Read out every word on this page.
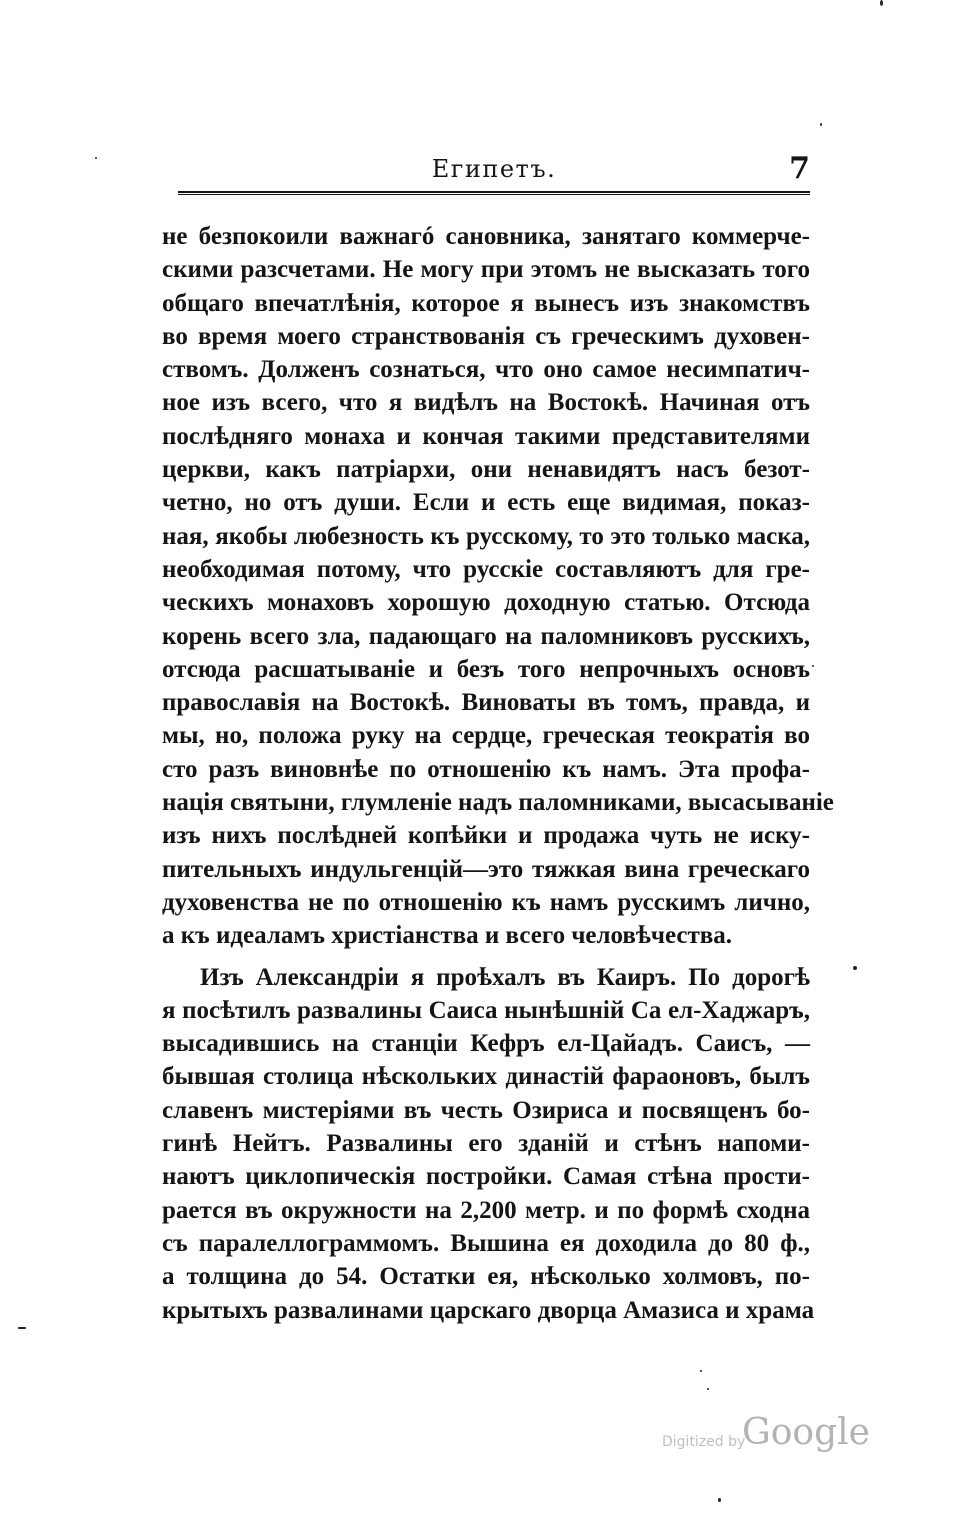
Египетъ.	7
не безпокоили важнагó сановника, занятаго коммерче-
скими разсчетами. Не могу при этомъ не высказать того
общаго впечатлѣнія, которое я вынесъ изъ знакомствъ
во время моего странствованія съ греческимъ духовен-
ствомъ. Долженъ сознаться, что оно самое несимпатич-
ное изъ всего, что я видѣлъ на Востокѣ. Начиная отъ
послѣдняго монаха и кончая такими представителями
церкви, какъ патріархи, они ненавидятъ насъ безот-
четно, но отъ души. Если и есть еще видимая, показ-
ная, якобы любезность къ русскому, то это только маска,
необходимая потому, что русскіе составляютъ для гре-
ческихъ монаховъ хорошую доходную статью. Отсюда
корень всего зла, падающаго на паломниковъ русскихъ,
отсюда расшатываніе и безъ того непрочныхъ основъ
православія на Востокѣ. Виноваты въ томъ, правда, и
мы, но, положа руку на сердце, греческая теократія во
сто разъ виновнѣе по отношенію къ намъ. Эта профа-
нація святыни, глумленіе надъ паломниками, высасываніе
изъ нихъ послѣдней копѣйки и продажа чуть не иску-
пительныхъ индульгенцій—это тяжкая вина греческаго
духовенства не по отношенію къ намъ русскимъ лично,
а къ идеаламъ христіанства и всего человѣчества.
Изъ Александріи я проѣхалъ въ Каиръ. По дорогѣ
я посѣтилъ развалины Саиса нынѣшній Са ел-Хаджаръ,
высадившись на станціи Кефръ ел-Цайадъ. Саисъ, —
бывшая столица нѣскольких династій фараоновъ, былъ
славенъ мистеріями въ честь Озириса и посвященъ бо-
гинѣ Нейтъ. Развалины его зданій и стѣнъ напоми-
наютъ циклопическія постройки. Самая стѣна прости-
рается въ окружности на 2,200 метр. и по формѣ сходна
съ паралеллограммомъ. Вышина ея доходила до 80 ф.,
а толщина до 54. Остатки ея, нѣсколько холмовъ, по-
крытыхъ развалинами царскаго дворца Амазиса и храма
Digitized by
Google
